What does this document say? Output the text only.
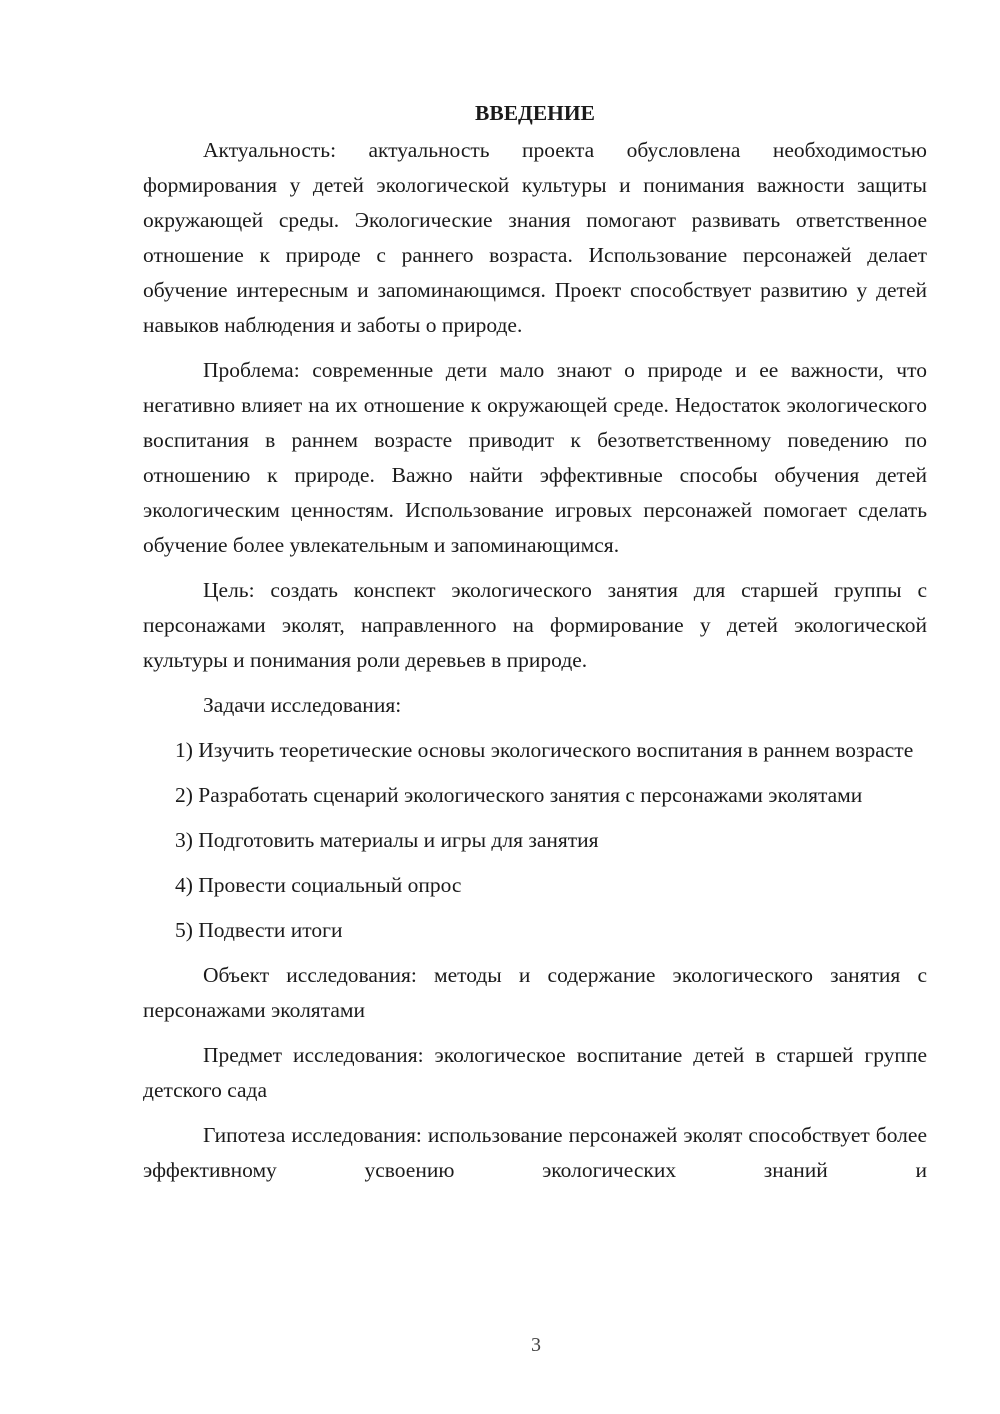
ВВЕДЕНИЕ

Актуальность: актуальность проекта обусловлена необходимостью формирования у детей экологической культуры и понимания важности защиты окружающей среды. Экологические знания помогают развивать ответственное отношение к природе с раннего возраста. Использование персонажей делает обучение интересным и запоминающимся. Проект способствует развитию у детей навыков наблюдения и заботы о природе.

Проблема: современные дети мало знают о природе и ее важности, что негативно влияет на их отношение к окружающей среде. Недостаток экологического воспитания в раннем возрасте приводит к безответственному поведению по отношению к природе. Важно найти эффективные способы обучения детей экологическим ценностям. Использование игровых персонажей помогает сделать обучение более увлекательным и запоминающимся.

Цель: создать конспект экологического занятия для старшей группы с персонажами эколят, направленного на формирование у детей экологической культуры и понимания роли деревьев в природе.

Задачи исследования:

1) Изучить теоретические основы экологического воспитания в раннем возрасте

2) Разработать сценарий экологического занятия с персонажами эколятами

3) Подготовить материалы и игры для занятия

4) Провести социальный опрос

5) Подвести итоги

Объект исследования: методы и содержание экологического занятия с персонажами эколятами

Предмет исследования: экологическое воспитание детей в старшей группе детского сада

Гипотеза исследования: использование персонажей эколят способствует более эффективному усвоению экологических знаний и

3
